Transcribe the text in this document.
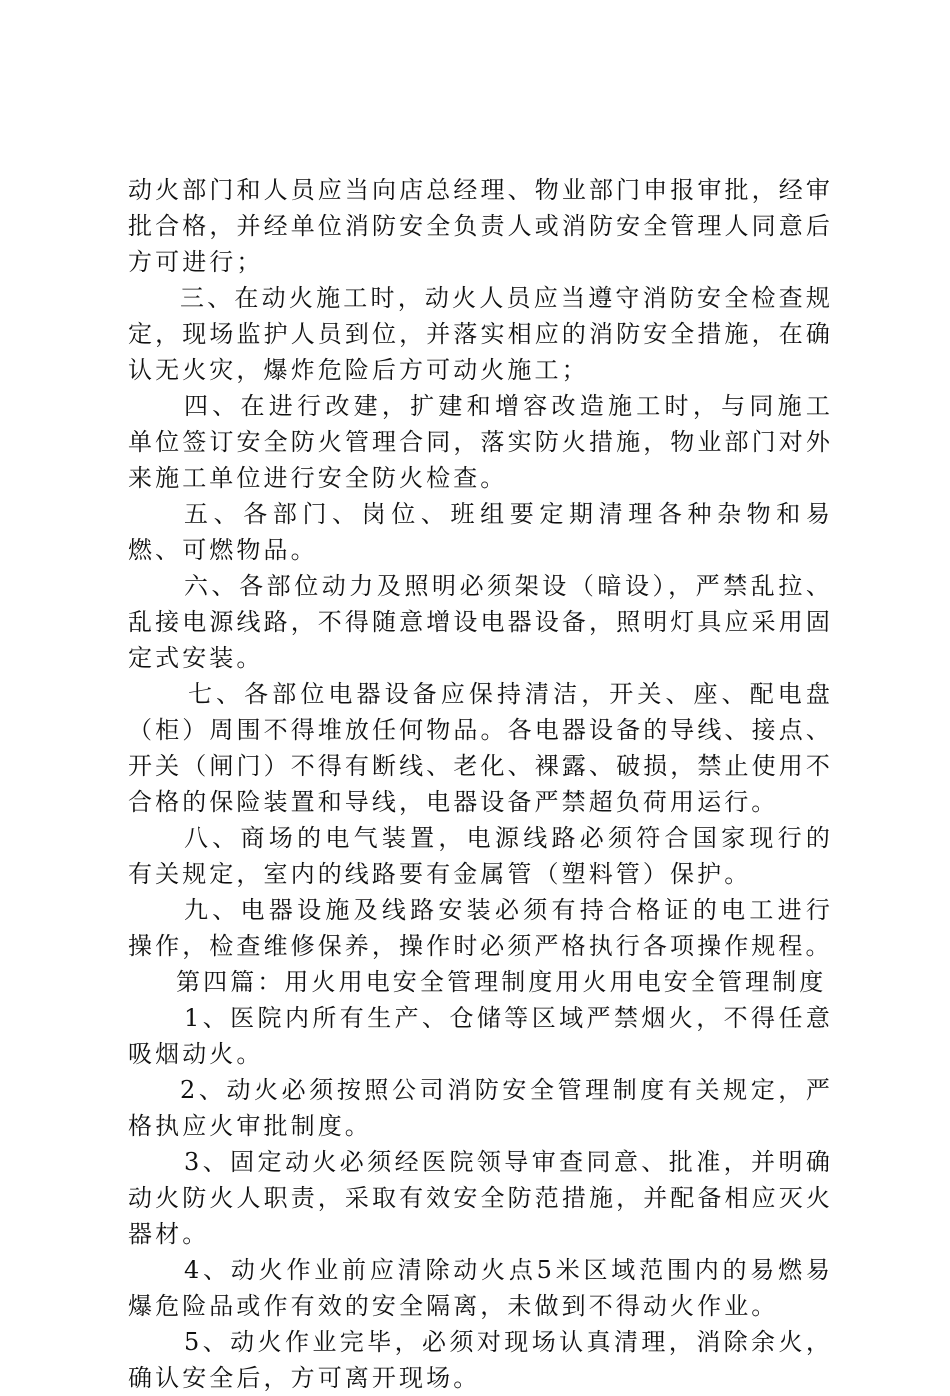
动火部门和人员应当向店总经理、物业部门申报审批，经审批合格，并经单位消防安全负责人或消防安全管理人同意后方可进行；

三、在动火施工时，动火人员应当遵守消防安全检查规定，现场监护人员到位，并落实相应的消防安全措施，在确认无火灾，爆炸危险后方可动火施工；

四、在进行改建，扩建和增容改造施工时，与同施工单位签订安全防火管理合同，落实防火措施，物业部门对外来施工单位进行安全防火检查。

五、各部门、岗位、班组要定期清理各种杂物和易燃、可燃物品。

六、各部位动力及照明必须架设（暗设），严禁乱拉、乱接电源线路，不得随意增设电器设备，照明灯具应采用固定式安装。

七、各部位电器设备应保持清洁，开关、座、配电盘（柜）周围不得堆放任何物品。各电器设备的导线、接点、开关（闸门）不得有断线、老化、裸露、破损，禁止使用不合格的保险装置和导线，电器设备严禁超负荷用运行。

八、商场的电气装置，电源线路必须符合国家现行的有关规定，室内的线路要有金属管（塑料管）保护。

九、电器设施及线路安装必须有持合格证的电工进行操作，检查维修保养，操作时必须严格执行各项操作规程。

第四篇：用火用电安全管理制度用火用电安全管理制度

1、医院内所有生产、仓储等区域严禁烟火，不得任意吸烟动火。

2、动火必须按照公司消防安全管理制度有关规定，严格执应火审批制度。

3、固定动火必须经医院领导审查同意、批准，并明确动火防火人职责，采取有效安全防范措施，并配备相应灭火器材。

4、动火作业前应清除动火点5米区域范围内的易燃易爆危险品或作有效的安全隔离，未做到不得动火作业。

5、动火作业完毕，必须对现场认真清理，消除余火，确认安全后，方可离开现场。
